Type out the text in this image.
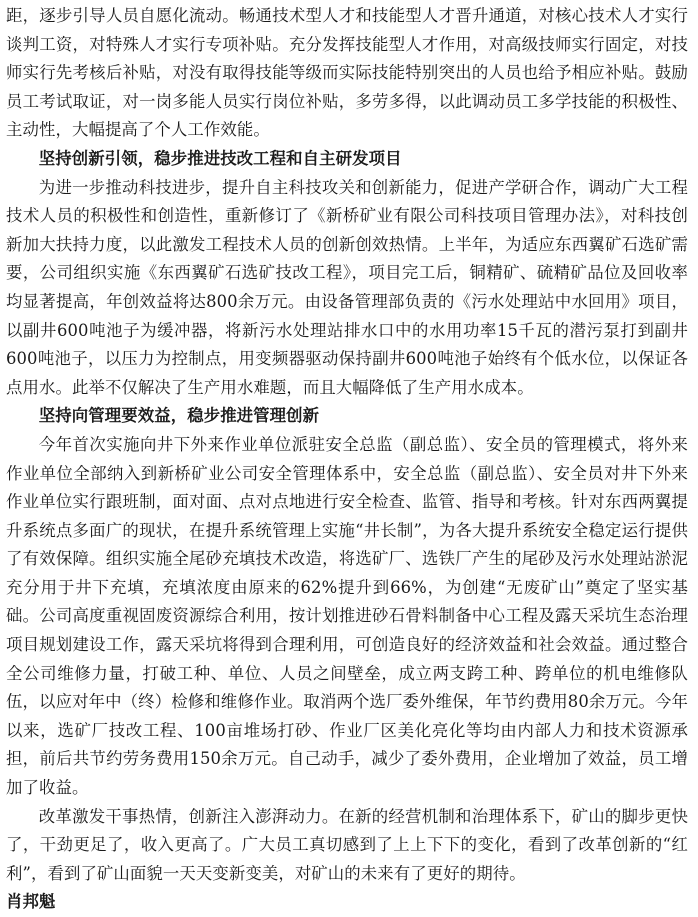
距，逐步引导人员自愿化流动。畅通技术型人才和技能型人才晋升通道，对核心技术人才实行谈判工资，对特殊人才实行专项补贴。充分发挥技能型人才作用，对高级技师实行固定，对技师实行先考核后补贴，对没有取得技能等级而实际技能特别突出的人员也给予相应补贴。鼓励员工考试取证，对一岗多能人员实行岗位补贴，多劳多得，以此调动员工多学技能的积极性、主动性，大幅提高了个人工作效能。

坚持创新引领，稳步推进技改工程和自主研发项目

为进一步推动科技进步，提升自主科技攻关和创新能力，促进产学研合作，调动广大工程技术人员的积极性和创造性，重新修订了《新桥矿业有限公司科技项目管理办法》，对科技创新加大扶持力度，以此激发工程技术人员的创新创效热情。上半年，为适应东西翼矿石选矿需要，公司组织实施《东西翼矿石选矿技改工程》，项目完工后，铜精矿、硫精矿品位及回收率均显著提高，年创效益将达800余万元。由设备管理部负责的《污水处理站中水回用》项目，以副井600吨池子为缓冲器，将新污水处理站排水口中的水用功率15千瓦的潜污泵打到副井600吨池子，以压力为控制点，用变频器驱动保持副井600吨池子始终有个低水位，以保证各点用水。此举不仅解决了生产用水难题，而且大幅降低了生产用水成本。

坚持向管理要效益，稳步推进管理创新

今年首次实施向井下外来作业单位派驻安全总监（副总监）、安全员的管理模式，将外来作业单位全部纳入到新桥矿业公司安全管理体系中，安全总监（副总监）、安全员对井下外来作业单位实行跟班制，面对面、点对点地进行安全检查、监管、指导和考核。针对东西两翼提升系统点多面广的现状，在提升系统管理上实施“井长制”，为各大提升系统安全稳定运行提供了有效保障。组织实施全尾砂充填技术改造，将选矿厂、选铁厂产生的尾砂及污水处理站淤泥充分用于井下充填，充填浓度由原来的62%提升到66%，为创建“无废矿山”奠定了坚实基础。公司高度重视固废资源综合利用，按计划推进砂石骨料制备中心工程及露天采坑生态治理项目规划建设工作，露天采坑将得到合理利用，可创造良好的经济效益和社会效益。通过整合全公司维修力量，打破工种、单位、人员之间壁垒，成立两支跨工种、跨单位的机电维修队伍，以应对年中（终）检修和维修作业。取消两个选厂委外维保，年节约费用80余万元。今年以来，选矿厂技改工程、100亩堆场打砂、作业厂区美化亮化等均由内部人力和技术资源承担，前后共节约劳务费用150余万元。自己动手，减少了委外费用，企业增加了效益，员工增加了收益。

改革激发干事热情，创新注入澎湃动力。在新的经营机制和治理体系下，矿山的脚步更快了，干劲更足了，收入更高了。广大员工真切感到了上上下下的变化，看到了改革创新的“红利”，看到了矿山面貌一天天变新变美，对矿山的未来有了更好的期待。

肖邦魁
